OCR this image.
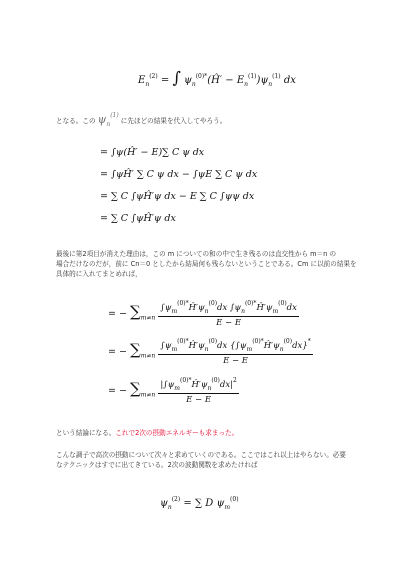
$E_n^{(2)}$ = ∫ $\psi_n^{(0)*}(Ĥ' - E_n^{(1)})\psi_n^{(1)}$ dx
となる。この ψn(1) に先ほどの結果を代入してやろう。
= ∫ψ(Ĥ′ − E)∑ C ψ dx
= ∫ψĤ′ ∑ C ψ dx − ∫ψE ∑ C ψ dx
= ∑ C ∫ψĤ′ψ dx − E ∑ C ∫ψψ dx
= ∑ C ∫ψĤ′ψ dx
最後に第2項目が消えた理由は，この m についての和の中で生き残るのは直交性から m＝n の
場合だけなのだが，前に Cn＝0 としたから結局何も残らないということである。Cm に以前の結果を
具体的に入れてまとめれば，
= − $\sum_{m\ne n} \frac{\int\psi_m^{(0)*}Ĥ'\psi_n^{(0)}dx \int\psi_n^{(0)*}Ĥ'\psi_m^{(0)}dx}{E - E}$
= − $\sum_{m\ne n} \frac{\int\psi_m^{(0)*}Ĥ'\psi_n^{(0)}dx \{\int\psi_m^{(0)*}Ĥ'\psi_n^{(0)}dx\}^*}{E - E}$
= − $\sum_{m\ne n} \frac{|\int\psi_m^{(0)*}Ĥ'\psi_n^{(0)}dx|^2}{E - E}$
という結論になる。これで2次の摂動エネルギーも求まった。
こんな調子で高次の摂動について次々と求めていくのである。ここではこれ以上はやらない。必要
なテクニックはすでに出てきている。2次の波動関数を求めたければ
$\psi_n^{(2)}$ = ∑ D $\psi_m^{(0)}$
